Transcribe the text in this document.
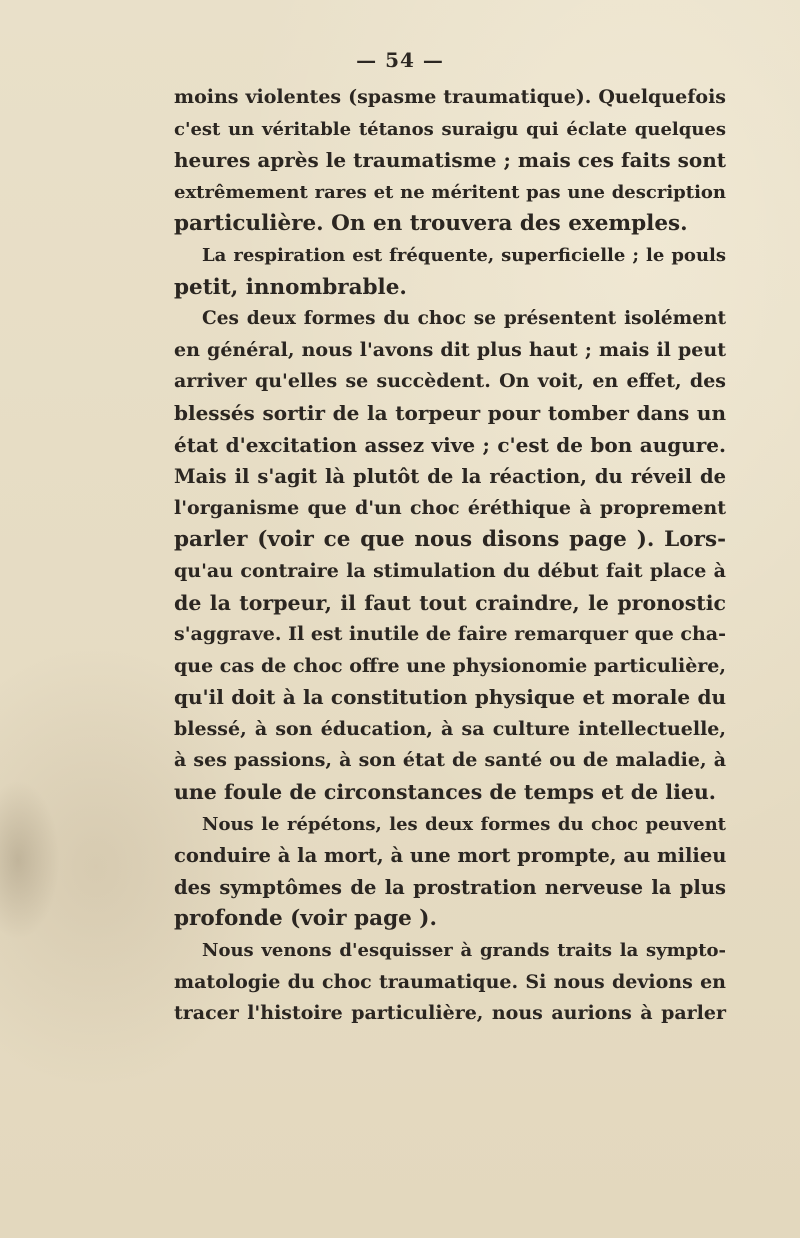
— 54 —
moins violentes (spasme traumatique). Quelquefois
c'est un véritable tétanos suraigu qui éclate quelques
heures après le traumatisme ; mais ces faits sont
extrêmement rares et ne méritent pas une description
particulière. On en trouvera des exemples.
La respiration est fréquente, superficielle ; le pouls
petit, innombrable.
Ces deux formes du choc se présentent isolément
en général, nous l'avons dit plus haut ; mais il peut
arriver qu'elles se succèdent. On voit, en effet, des
blessés sortir de la torpeur pour tomber dans un
état d'excitation assez vive ; c'est de bon augure.
Mais il s'agit là plutôt de la réaction, du réveil de
l'organisme que d'un choc éréthique à proprement
parler (voir ce que nous disons page ). Lors-
qu'au contraire la stimulation du début fait place à
de la torpeur, il faut tout craindre, le pronostic
s'aggrave. Il est inutile de faire remarquer que cha-
que cas de choc offre une physionomie particulière,
qu'il doit à la constitution physique et morale du
blessé, à son éducation, à sa culture intellectuelle,
à ses passions, à son état de santé ou de maladie, à
une foule de circonstances de temps et de lieu.
Nous le répétons, les deux formes du choc peuvent
conduire à la mort, à une mort prompte, au milieu
des symptômes de la prostration nerveuse la plus
profonde (voir page ).
Nous venons d'esquisser à grands traits la sympto-
matologie du choc traumatique. Si nous devions en
tracer l'histoire particulière, nous aurions à parler
